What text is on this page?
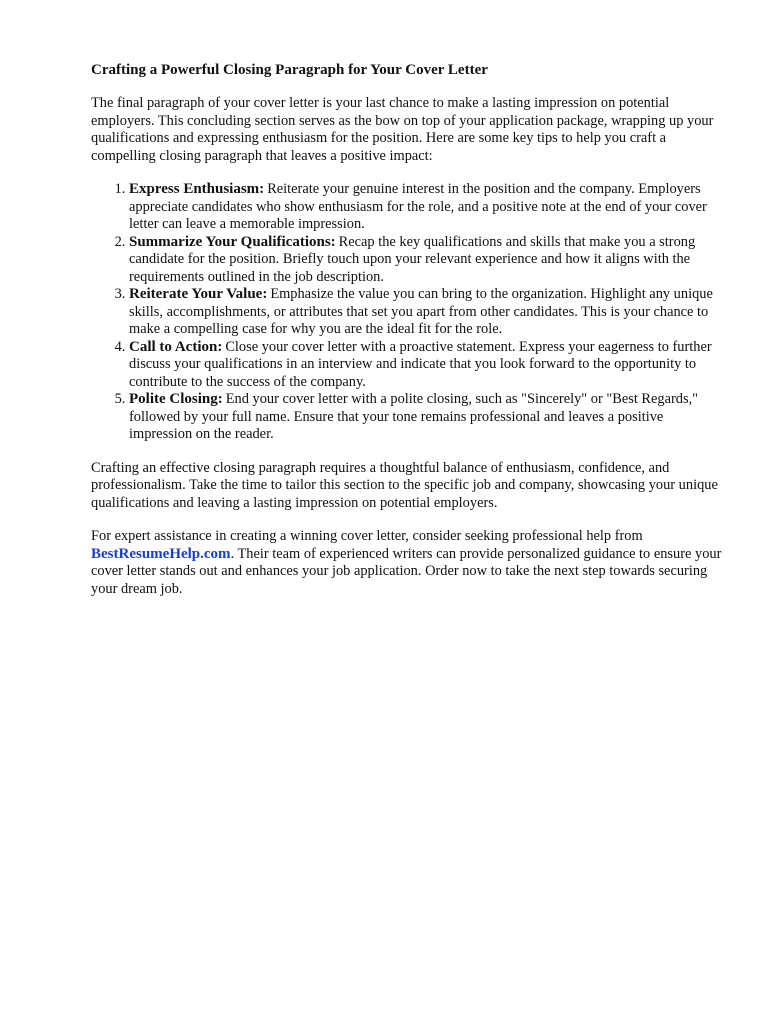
Crafting a Powerful Closing Paragraph for Your Cover Letter

The final paragraph of your cover letter is your last chance to make a lasting impression on potential employers. This concluding section serves as the bow on top of your application package, wrapping up your qualifications and expressing enthusiasm for the position. Here are some key tips to help you craft a compelling closing paragraph that leaves a positive impact:

1. Express Enthusiasm: Reiterate your genuine interest in the position and the company. Employers appreciate candidates who show enthusiasm for the role, and a positive note at the end of your cover letter can leave a memorable impression.
2. Summarize Your Qualifications: Recap the key qualifications and skills that make you a strong candidate for the position. Briefly touch upon your relevant experience and how it aligns with the requirements outlined in the job description.
3. Reiterate Your Value: Emphasize the value you can bring to the organization. Highlight any unique skills, accomplishments, or attributes that set you apart from other candidates. This is your chance to make a compelling case for why you are the ideal fit for the role.
4. Call to Action: Close your cover letter with a proactive statement. Express your eagerness to further discuss your qualifications in an interview and indicate that you look forward to the opportunity to contribute to the success of the company.
5. Polite Closing: End your cover letter with a polite closing, such as "Sincerely" or "Best Regards," followed by your full name. Ensure that your tone remains professional and leaves a positive impression on the reader.

Crafting an effective closing paragraph requires a thoughtful balance of enthusiasm, confidence, and professionalism. Take the time to tailor this section to the specific job and company, showcasing your unique qualifications and leaving a lasting impression on potential employers.

For expert assistance in creating a winning cover letter, consider seeking professional help from BestResumeHelp.com. Their team of experienced writers can provide personalized guidance to ensure your cover letter stands out and enhances your job application. Order now to take the next step towards securing your dream job.
